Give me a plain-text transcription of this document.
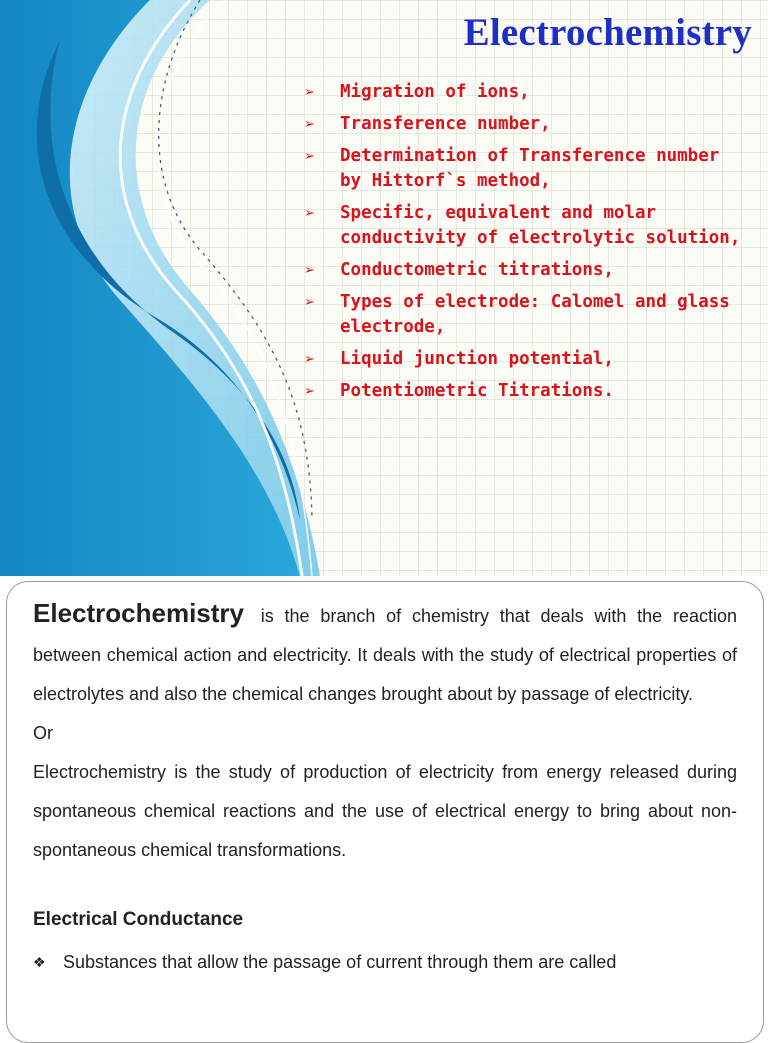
Electrochemistry
➢ Migration of ions,
➢ Transference number,
➢ Determination of Transference number by Hittorf`s method,
➢ Specific, equivalent and molar conductivity of electrolytic solution,
➢ Conductometric titrations,
➢ Types of electrode: Calomel and glass electrode,
➢ Liquid junction potential,
➢ Potentiometric Titrations.

Electrochemistry is the branch of chemistry that deals with the reaction between chemical action and electricity. It deals with the study of electrical properties of electrolytes and also the chemical changes brought about by passage of electricity.

Or

Electrochemistry is the study of production of electricity from energy released during spontaneous chemical reactions and the use of electrical energy to bring about non-spontaneous chemical transformations.

Electrical Conductance

❖ Substances that allow the passage of current through them are called
